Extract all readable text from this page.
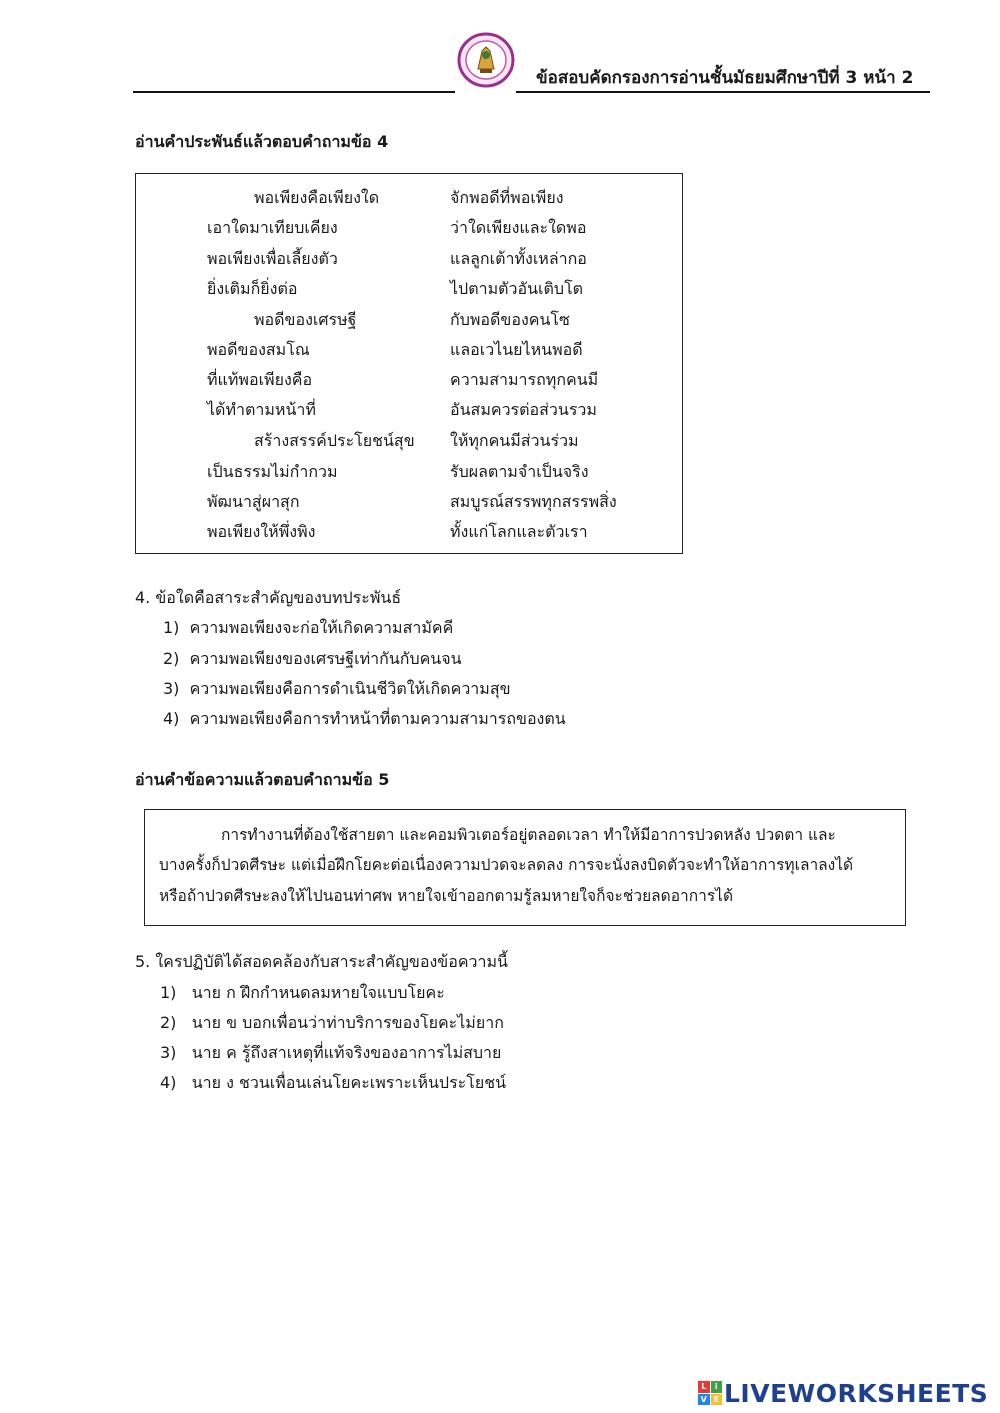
ข้อสอบคัดกรองการอ่านชั้นมัธยมศึกษาปีที่ 3 หน้า 2
อ่านคำประพันธ์แล้วตอบคำถามข้อ 4
พอเพียงคือเพียงใด	จักพอดีที่พอเพียง
เอาใดมาเทียบเคียง	ว่าใดเพียงและใดพอ
พอเพียงเพื่อเลี้ยงตัว	แลลูกเต้าทั้งเหล่ากอ
ยิ่งเติมก็ยิ่งต่อ	ไปตามตัวอันเติบโต
พอดีของเศรษฐี	กับพอดีของคนโซ
พอดีของสมโณ	แลอเวไนยไหนพอดี
ที่แท้พอเพียงคือ	ความสามารถทุกคนมี
ได้ทำตามหน้าที่	อันสมควรต่อส่วนรวม
สร้างสรรค์ประโยชน์สุข ให้ทุกคนมีส่วนร่วม
เป็นธรรมไม่กำกวม	รับผลตามจำเป็นจริง
พัฒนาสู่ผาสุก	สมบูรณ์สรรพทุกสรรพสิ่ง
พอเพียงให้พึ่งพิง	ทั้งแก่โลกและตัวเรา
4. ข้อใดคือสาระสำคัญของบทประพันธ์
1) ความพอเพียงจะก่อให้เกิดความสามัคคี
2) ความพอเพียงของเศรษฐีเท่ากันกับคนจน
3) ความพอเพียงคือการดำเนินชีวิตให้เกิดความสุข
4) ความพอเพียงคือการทำหน้าที่ตามความสามารถของตน
อ่านคำข้อความแล้วตอบคำถามข้อ 5
การทำงานที่ต้องใช้สายตา และคอมพิวเตอร์อยู่ตลอดเวลา ทำให้มีอาการปวดหลัง ปวดตา และ
บางครั้งก็ปวดศีรษะ แต่เมื่อฝึกโยคะต่อเนื่องความปวดจะลดลง การจะนั่งลงบิดตัวจะทำให้อาการทุเลาลงได้
หรือถ้าปวดศีรษะลงให้ไปนอนท่าศพ หายใจเข้าออกตามรู้ลมหายใจก็จะช่วยลดอาการได้
5. ใครปฏิบัติได้สอดคล้องกับสาระสำคัญของข้อความนี้
1) นาย ก ฝึกกำหนดลมหายใจแบบโยคะ
2) นาย ข บอกเพื่อนว่าท่าบริการของโยคะไม่ยาก
3) นาย ค รู้ถึงสาเหตุที่แท้จริงของอาการไม่สบาย
4) นาย ง ชวนเพื่อนเล่นโยคะเพราะเห็นประโยชน์
L	i
V E LIVEWORKSHEETS
